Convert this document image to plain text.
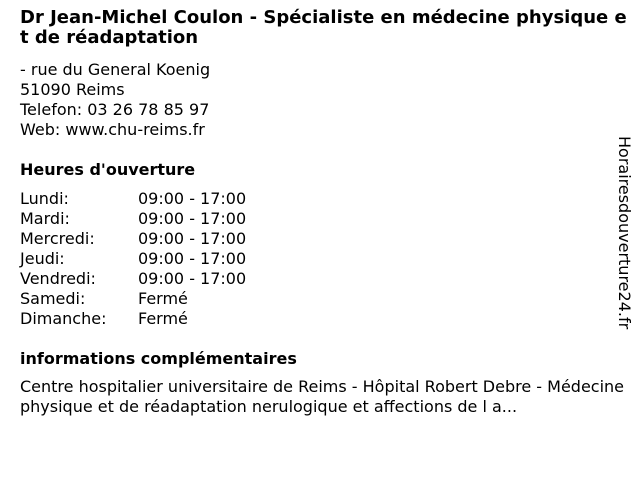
Dr Jean-Michel Coulon - Spécialiste en médecine physique et de réadaptation
- rue du General Koenig
51090 Reims
Telefon: 03 26 78 85 97
Web: www.chu-reims.fr
Heures d'ouverture
Lundi:	09:00 - 17:00
Mardi:	09:00 - 17:00
Mercredi:	09:00 - 17:00
Jeudi:	09:00 - 17:00
Vendredi:	09:00 - 17:00
Samedi:	Fermé
Dimanche:	Fermé
informations complémentaires
Centre hospitalier universitaire de Reims - Hôpital Robert Debre - Médecine physique et de réadaptation nerulogique et affections de l a...
Horairesdouverture24.fr
